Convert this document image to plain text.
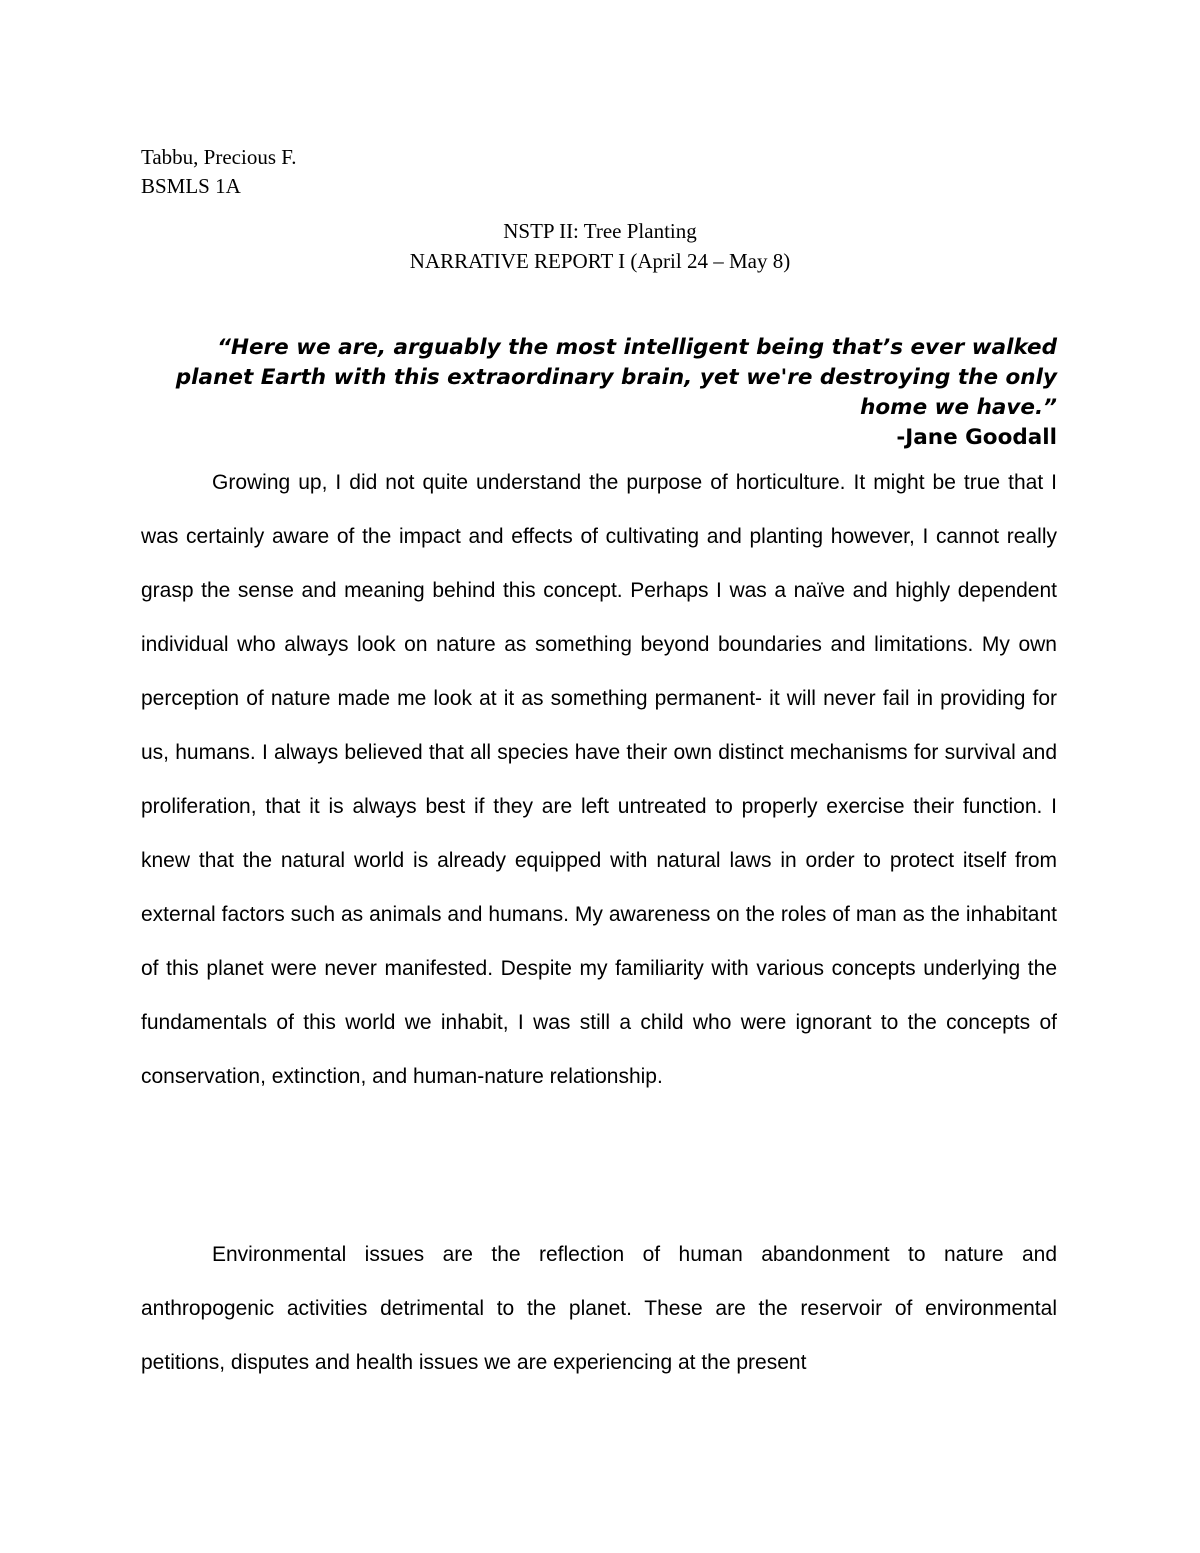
Tabbu, Precious F.
BSMLS 1A
NSTP II: Tree Planting
NARRATIVE REPORT I (April 24 – May 8)
“Here we are, arguably the most intelligent being that’s ever walked
planet Earth with this extraordinary brain, yet we're destroying the only
home we have.”
-Jane Goodall

Growing up, I did not quite understand the purpose of horticulture. It might be true that I was certainly aware of the impact and effects of cultivating and planting however, I cannot really grasp the sense and meaning behind this concept. Perhaps I was a naïve and highly dependent individual who always look on nature as something beyond boundaries and limitations. My own perception of nature made me look at it as something permanent- it will never fail in providing for us, humans. I always believed that all species have their own distinct mechanisms for survival and proliferation, that it is always best if they are left untreated to properly exercise their function. I knew that the natural world is already equipped with natural laws in order to protect itself from external factors such as animals and humans. My awareness on the roles of man as the inhabitant of this planet were never manifested. Despite my familiarity with various concepts underlying the fundamentals of this world we inhabit, I was still a child who were ignorant to the concepts of conservation, extinction, and human-nature relationship.

Environmental issues are the reflection of human abandonment to nature and anthropogenic activities detrimental to the planet. These are the reservoir of environmental petitions, disputes and health issues we are experiencing at the present
